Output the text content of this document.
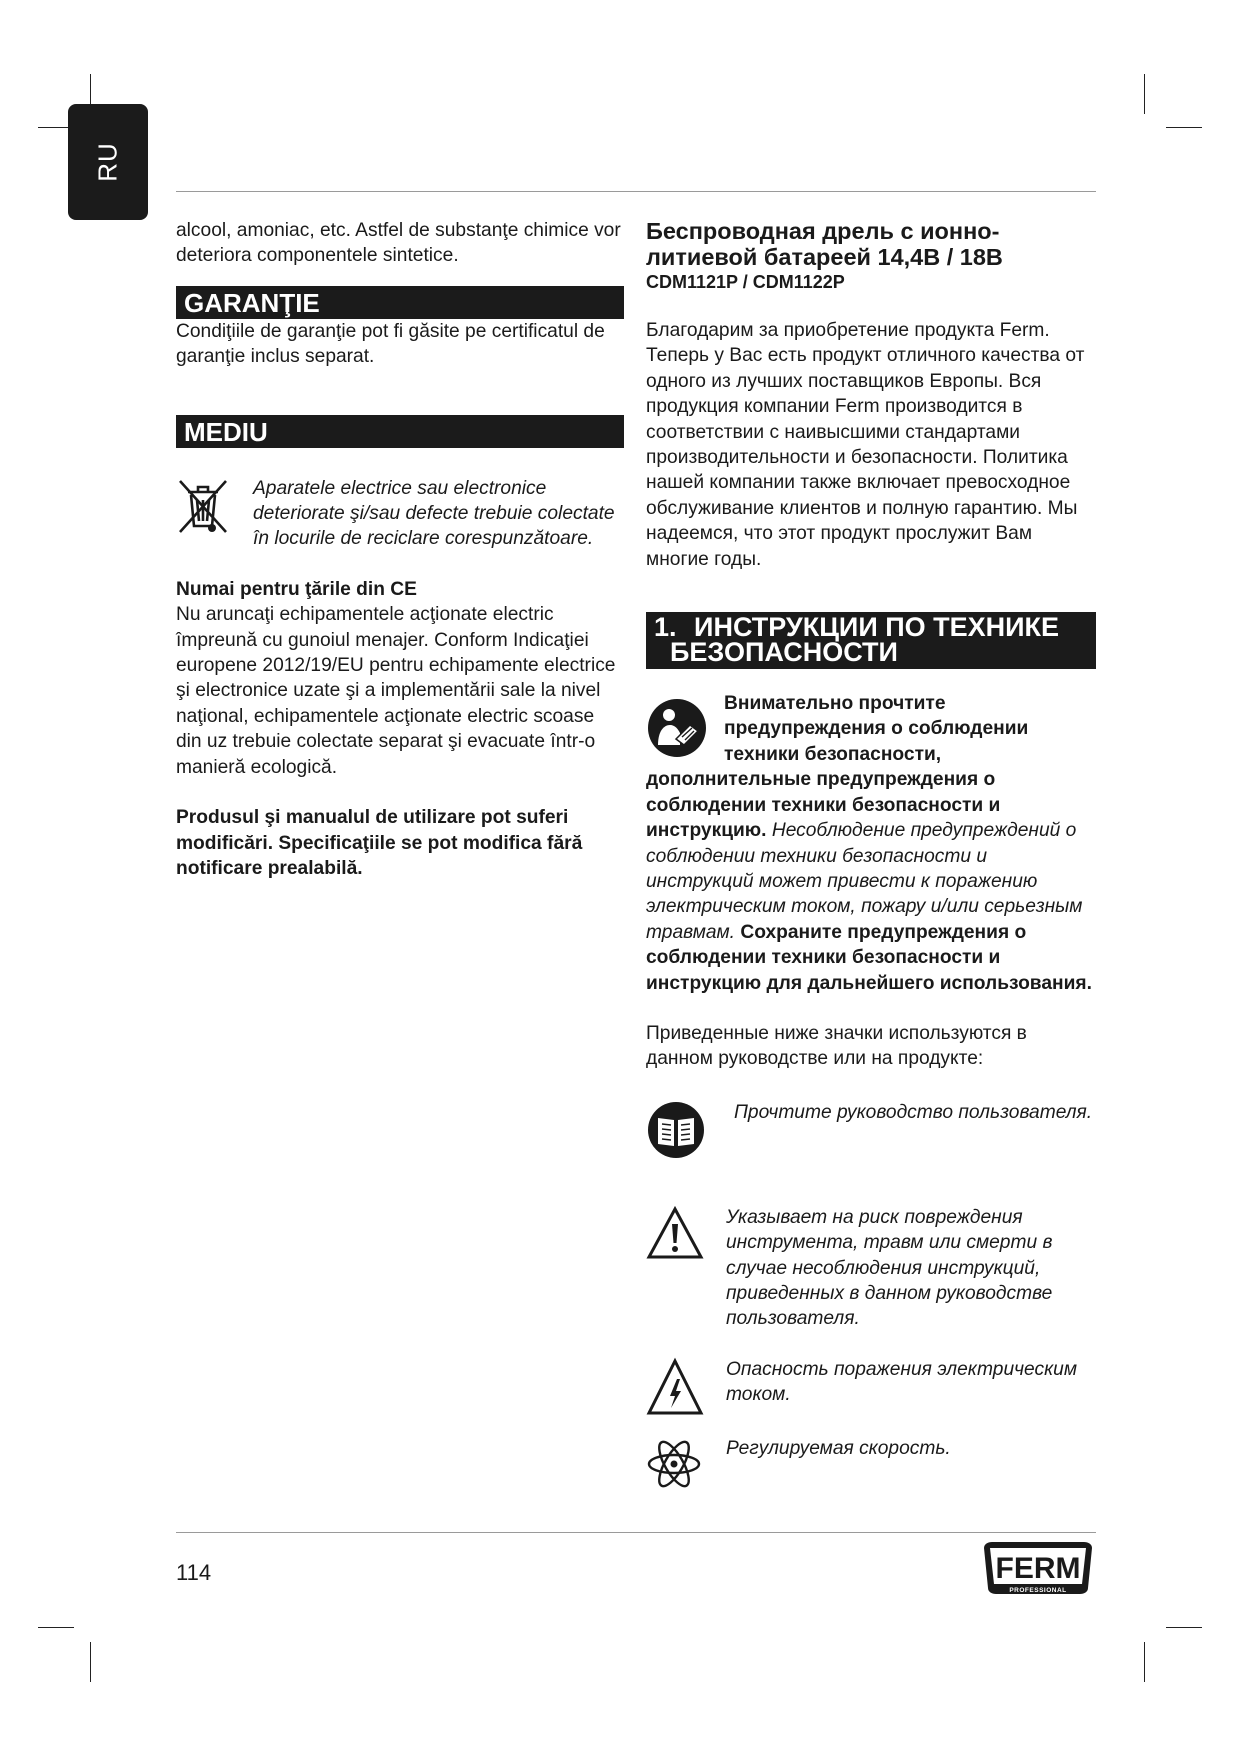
RU

alcool, amoniac, etc. Astfel de substanţe chimice vor deteriora componentele sintetice.

GARANŢIE

Condiţiile de garanţie pot fi găsite pe certificatul de garanţie inclus separat.

MEDIU

Aparatele electrice sau electronice deteriorate şi/sau defecte trebuie colectate în locurile de reciclare corespunzătoare.

Numai pentru ţările din CE

Nu aruncaţi echipamentele acţionate electric împreună cu gunoiul menajer. Conform Indicaţiei europene 2012/19/EU pentru echipamente electrice şi electronice uzate şi a implementării sale la nivel naţional, echipamentele acţionate electric scoase din uz trebuie colectate separat şi evacuate într-o manieră ecologică.

Produsul şi manualul de utilizare pot suferi modificări. Specificaţiile se pot modifica fără notificare prealabilă.

Беспроводная дрель с ионно-
литиевой батареей 14,4В / 18В

CDM1121P / CDM1122P

Благодарим за приобретение продукта Ferm. Теперь у Вас есть продукт отличного качества от одного из лучших поставщиков Европы. Вся продукция компании Ferm производится в соответствии с наивысшими стандартами производительности и безопасности. Политика нашей компании также включает превосходное обслуживание клиентов и полную гарантию. Мы надеемся, что этот продукт прослужит Вам многие годы.

1. ИНСТРУКЦИИ ПО ТЕХНИКЕ
БЕЗОПАСНОСТИ

Внимательно прочтите предупреждения о соблюдении техники безопасности, дополнительные предупреждения о соблюдении техники безопасности и инструкцию. Несоблюдение предупреждений о соблюдении техники безопасности и инструкций может привести к поражению электрическим током, пожару и/или серьезным травмам. Сохраните предупреждения о соблюдении техники безопасности и инструкцию для дальнейшего использования.

Приведенные ниже значки используются в данном руководстве или на продукте:

Прочтите руководство пользователя.

Указывает на риск повреждения инструмента, травм или смерти в случае несоблюдения инструкций, приведенных в данном руководстве пользователя.

Опасность поражения электрическим током.

Регулируемая скорость.

114	FERM
PROFESSIONAL
